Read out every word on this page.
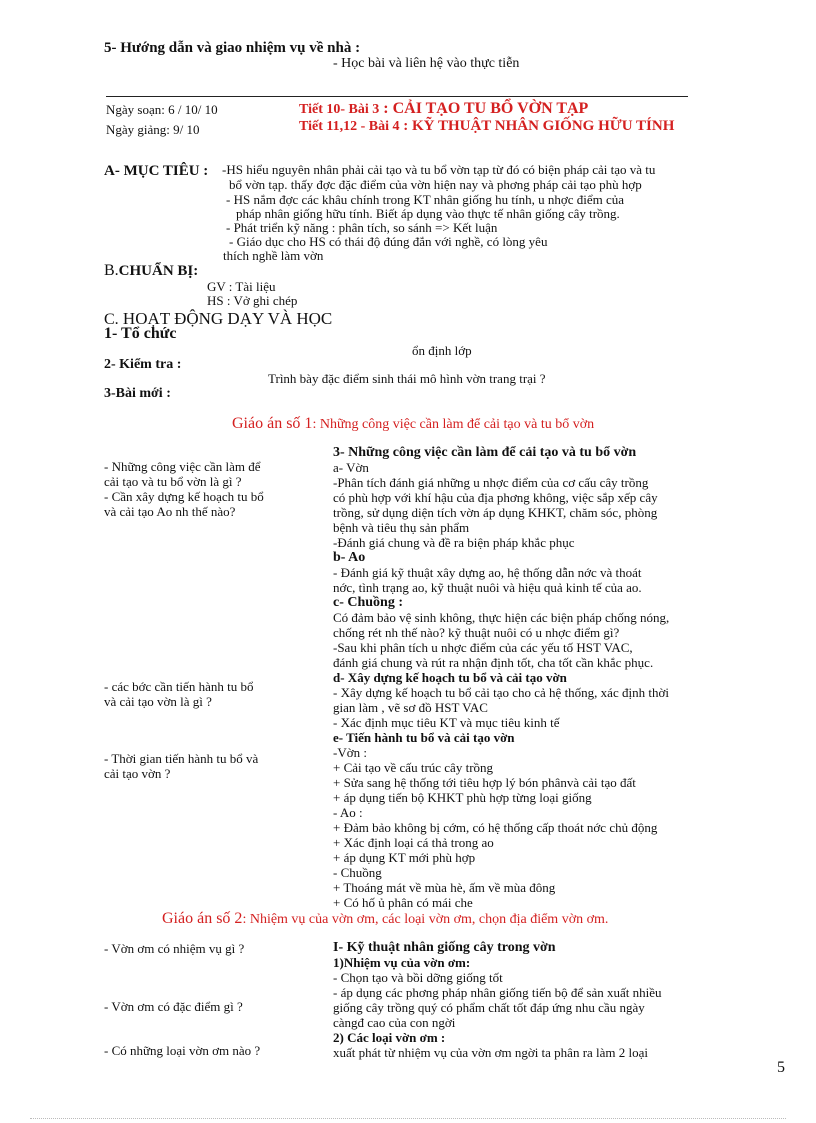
5- Hướng dẫn và giao nhiệm vụ về nhà :
- Học bài và liên hệ vào thực tiễn
Ngày soạn: 6 / 10/ 10
Ngày giảng: 9/ 10
Tiết 10- Bài 3 : CẢI TẠO TU BỔ VỜN TẠP
Tiết 11,12 - Bài 4 : KỸ THUẬT NHÂN GIỐNG HỮU TÍNH
A- MỤC TIÊU : -HS hiểu nguyên nhân phải cải tạo và tu bổ vờn tạp từ đó có biện pháp cải tạo và tu
bổ vờn tạp. thấy đợc đặc điểm của vờn hiện nay và phơng pháp cải tạo phù hợp
- HS nắm đợc các khâu chính trong KT nhân giống hu tính, u nhợc điểm của
pháp nhân giống hữu tính. Biết áp dụng vào thực tế nhân giống cây trồng.
- Phát triển kỹ năng : phân tích, so sánh => Kết luận
- Giáo dục cho HS có thái độ đúng đắn với nghề, có lòng yêu
thích nghề làm vờn
B.CHUẨN BỊ:
GV : Tài liệu
HS : Vở ghi chép
C. HOẠT ĐỘNG DẠY VÀ HỌC
1- Tổ chức
ổn định lớp
2- Kiểm tra :
Trình bày đặc điểm sinh thái mô hình vờn trang trại ?
3-Bài mới :
Giáo án số 1: Những công việc cần làm để cải tạo và tu bổ vờn
3- Những công việc cần làm để cải tạo và tu bổ vờn
- Những công việc cần làm để
cải tạo và tu bổ vờn là gì ?
- Cần xây dựng kế hoạch tu bổ
và cải tạo Ao nh thế nào?
- các bớc cần tiến hành tu bổ
và cải tạo vờn là gì ?
- Thời gian tiến hành tu bổ và
cải tạo vờn ?
a- Vờn
-Phân tích đánh giá những u nhợc điểm của cơ cấu cây trồng
có phù hợp với khí hậu của địa phơng không, việc sắp xếp cây
trồng, sử dụng diện tích vờn áp dụng KHKT, chăm sóc, phòng
bệnh và tiêu thụ sản phẩm
-Đánh giá chung và đề ra biện pháp khắc phục
b- Ao
- Đánh giá kỹ thuật xây dựng ao, hệ thống dẫn nớc và thoát
nớc, tình trạng ao, kỹ thuật nuôi và hiệu quả kinh tế của ao.
c- Chuồng :
Có đảm bảo vệ sinh không, thực hiện các biện pháp chống nóng,
chống rét nh thế nào? kỹ thuật nuôi có u nhợc điểm gì?
-Sau khi phân tích u nhợc điểm của các yếu tố HST VAC,
đánh giá chung và rút ra nhận định tốt, cha tốt cần khắc phục.
d- Xây dựng kế hoạch tu bổ và cải tạo vờn
- Xây dựng kế hoạch tu bổ cải tạo cho cả hệ thống, xác định thời
gian làm , vẽ sơ đồ HST VAC
- Xác định mục tiêu KT và mục tiêu kinh tế
e- Tiến hành tu bổ và cải tạo vờn
-Vờn :
+ Cải tạo về cấu trúc cây trồng
+ Sửa sang hệ thống tới tiêu hợp lý bón phânvà cải tạo đất
+ áp dụng tiến bộ KHKT phù hợp từng loại giống
- Ao :
+ Đảm bảo không bị cớm, có hệ thống cấp thoát nớc chủ động
+ Xác định loại cá thả trong ao
+ áp dụng KT mới phù hợp
- Chuồng
+ Thoáng mát về mùa hè, ấm về mùa đông
+ Có hố ủ phân có mái che
Giáo án số 2: Nhiệm vụ của vờn ơm, các loại vờn ơm, chọn địa điểm vờn ơm.
- Vờn ơm có nhiệm vụ gì ?
- Vờn ơm có đặc điểm gì ?
- Có những loại vờn ơm nào ?
I- Kỹ thuật nhân giống cây trong vờn
1)Nhiệm vụ của vờn ơm:
- Chọn tạo và bồi dỡng giống tốt
- áp dụng các phơng pháp nhân giống tiến bộ để sản xuất nhiều
giống cây trồng quý có phẩm chất tốt đáp ứng nhu cầu ngày
càngđ cao của con ngời
2) Các loại vờn ơm :
xuất phát từ nhiệm vụ của vờn ơm ngời ta phân ra làm 2 loại
5
